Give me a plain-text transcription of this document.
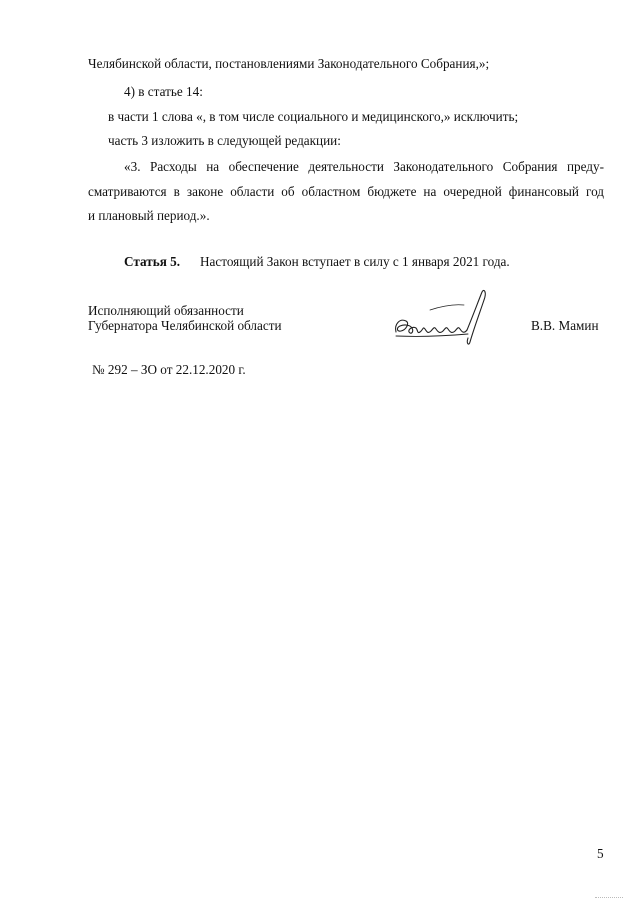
Челябинской области, постановлениями Законодательного Собрания,»;
4) в статье 14:
в части 1 слова «, в том числе социального и медицинского,» исключить;
часть 3 изложить в следующей редакции:
«3. Расходы на обеспечение деятельности Законодательного Собрания преду-
сматриваются в законе области об областном бюджете на очередной финансовый год
и плановый период.».
Статья 5. Настоящий Закон вступает в силу с 1 января 2021 года.
Исполняющий обязанности
Губернатора Челябинской области	В.В. Мамин
№ 292 – ЗО от 22.12.2020 г.
5
